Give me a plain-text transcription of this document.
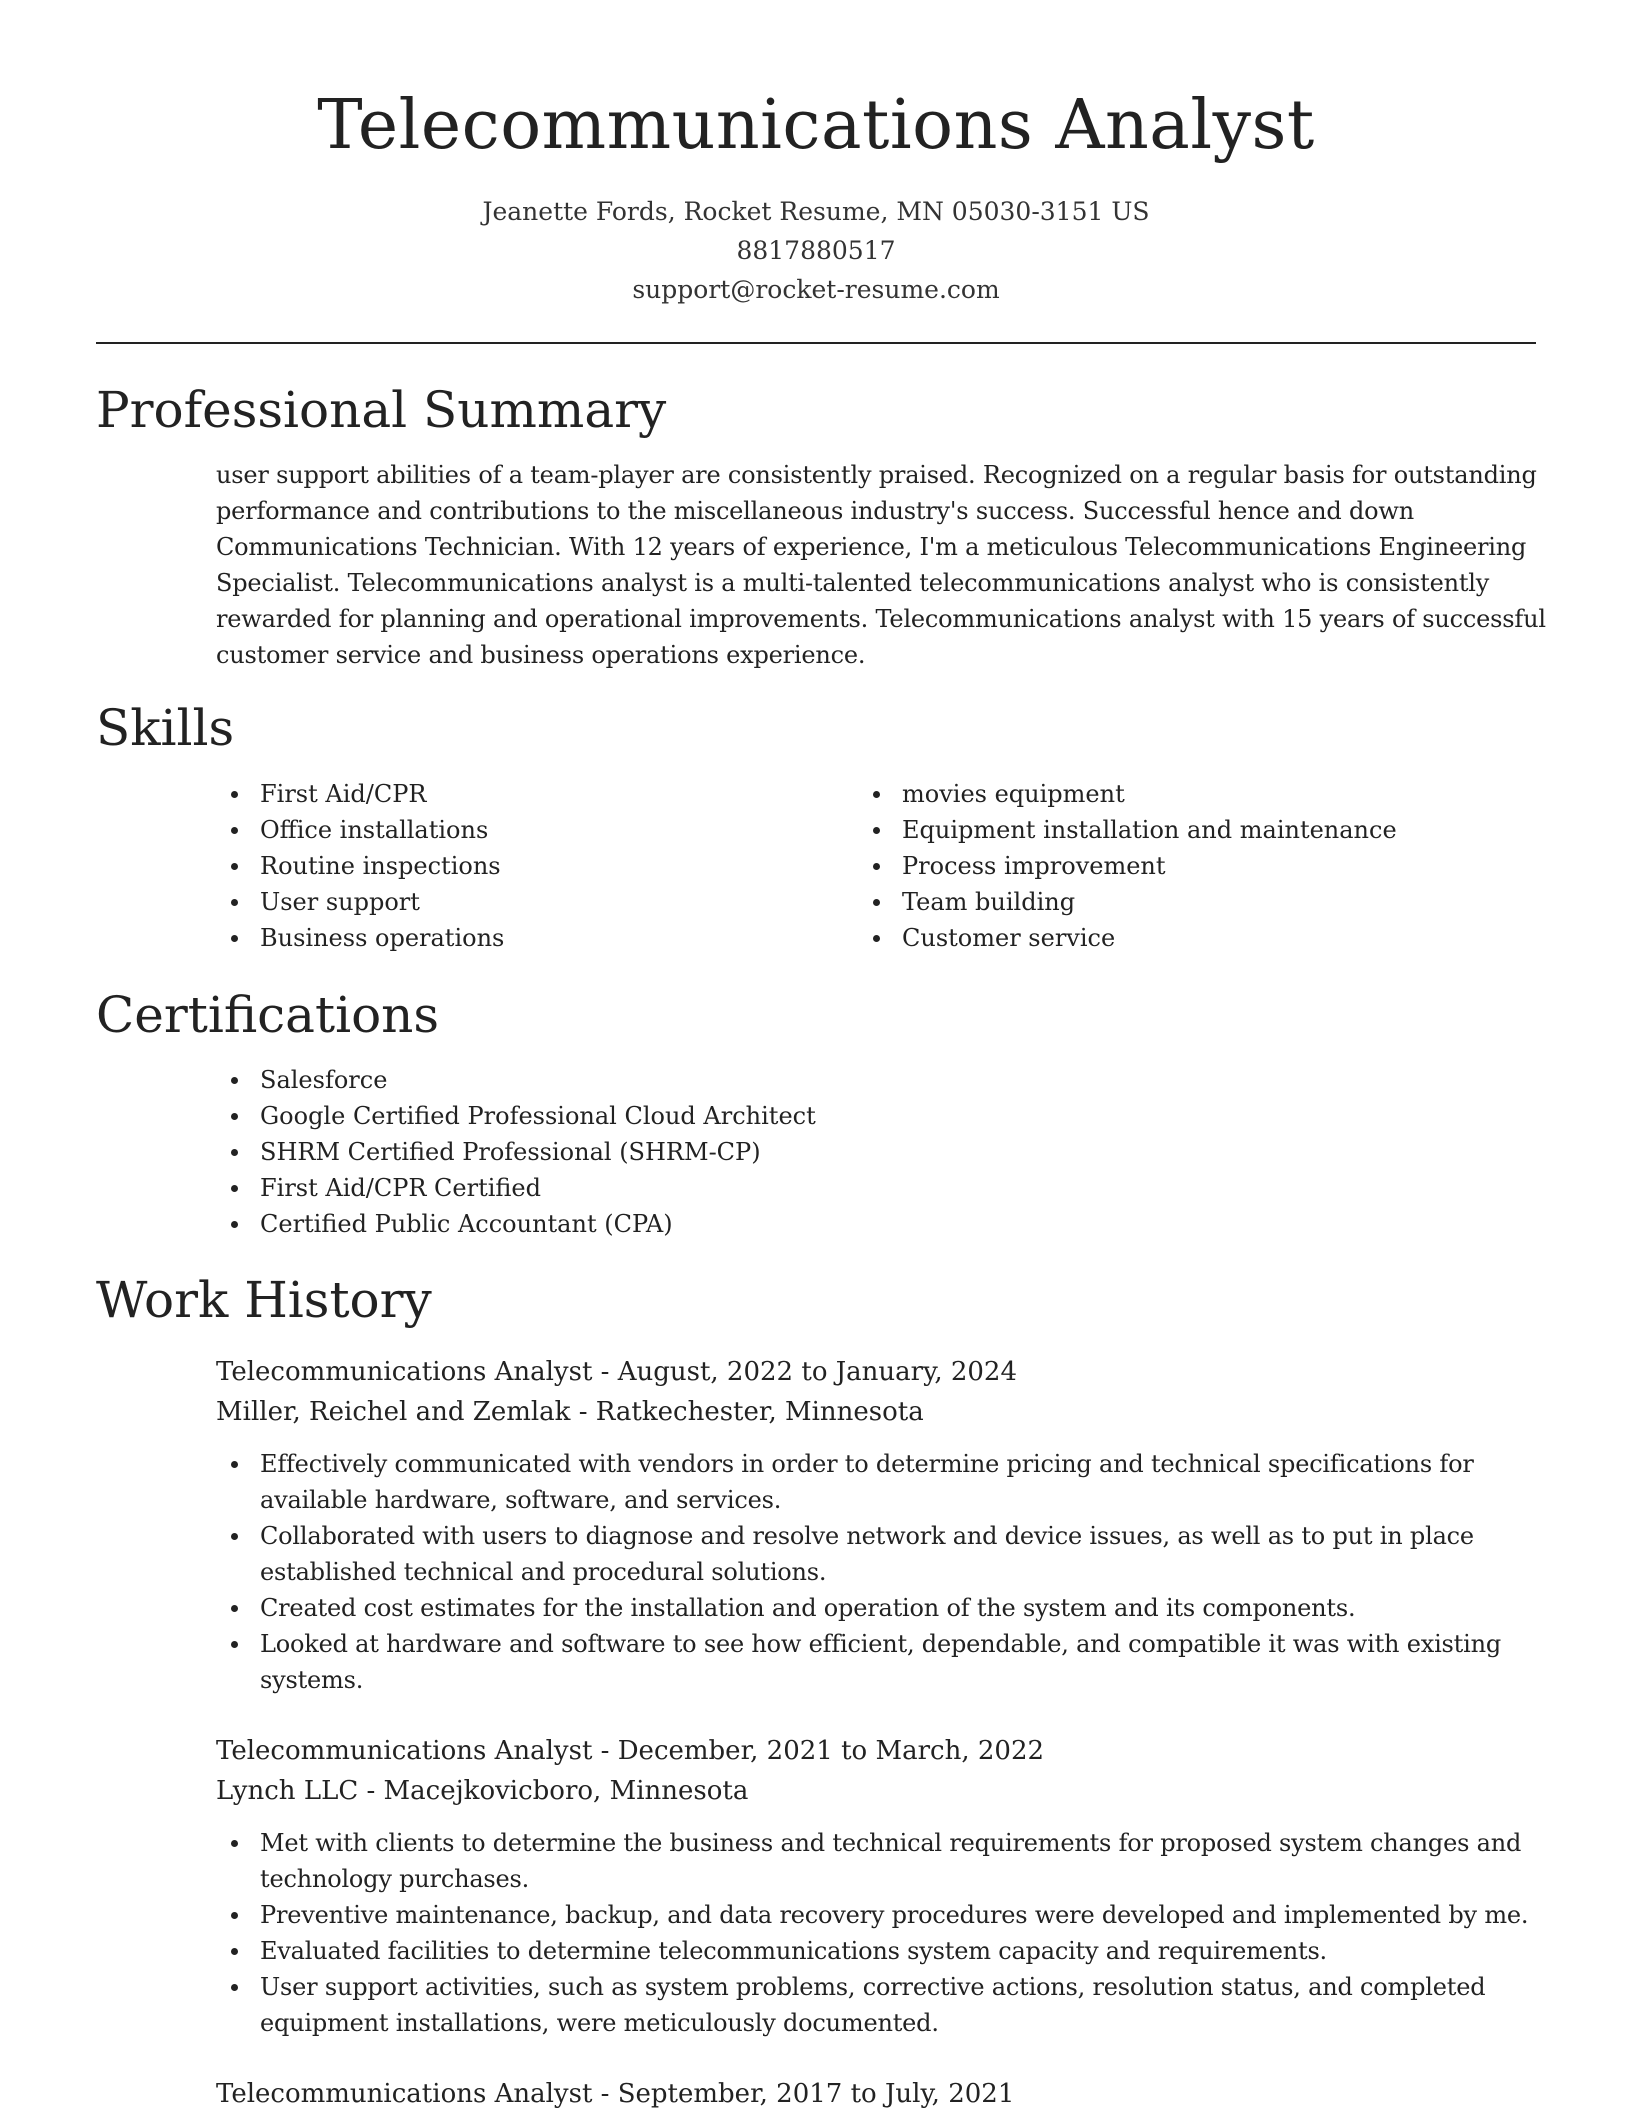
Telecommunications Analyst
Jeanette Fords, Rocket Resume, MN 05030-3151 US
8817880517
support@rocket-resume.com
Professional Summary

user support abilities of a team-player are consistently praised. Recognized on a regular basis for outstanding performance and contributions to the miscellaneous industry's success. Successful hence and down Communications Technician. With 12 years of experience, I'm a meticulous Telecommunications Engineering Specialist. Telecommunications analyst is a multi-talented telecommunications analyst who is consistently rewarded for planning and operational improvements. Telecommunications analyst with 15 years of successful customer service and business operations experience.

Skills
First Aid/CPR
Office installations
Routine inspections
User support
Business operations
movies equipment
Equipment installation and maintenance
Process improvement
Team building
Customer service
Certifications
Salesforce
Google Certified Professional Cloud Architect
SHRM Certified Professional (SHRM-CP)
First Aid/CPR Certified
Certified Public Accountant (CPA)
Work History
Telecommunications Analyst - August, 2022 to January, 2024
Miller, Reichel and Zemlak - Ratkechester, Minnesota
Effectively communicated with vendors in order to determine pricing and technical specifications for available hardware, software, and services.
Collaborated with users to diagnose and resolve network and device issues, as well as to put in place established technical and procedural solutions.
Created cost estimates for the installation and operation of the system and its components.
Looked at hardware and software to see how efficient, dependable, and compatible it was with existing systems.
Telecommunications Analyst - December, 2021 to March, 2022
Lynch LLC - Macejkovicboro, Minnesota
Met with clients to determine the business and technical requirements for proposed system changes and technology purchases.
Preventive maintenance, backup, and data recovery procedures were developed and implemented by me.
Evaluated facilities to determine telecommunications system capacity and requirements.
User support activities, such as system problems, corrective actions, resolution status, and completed equipment installations, were meticulously documented.
Telecommunications Analyst - September, 2017 to July, 2021
